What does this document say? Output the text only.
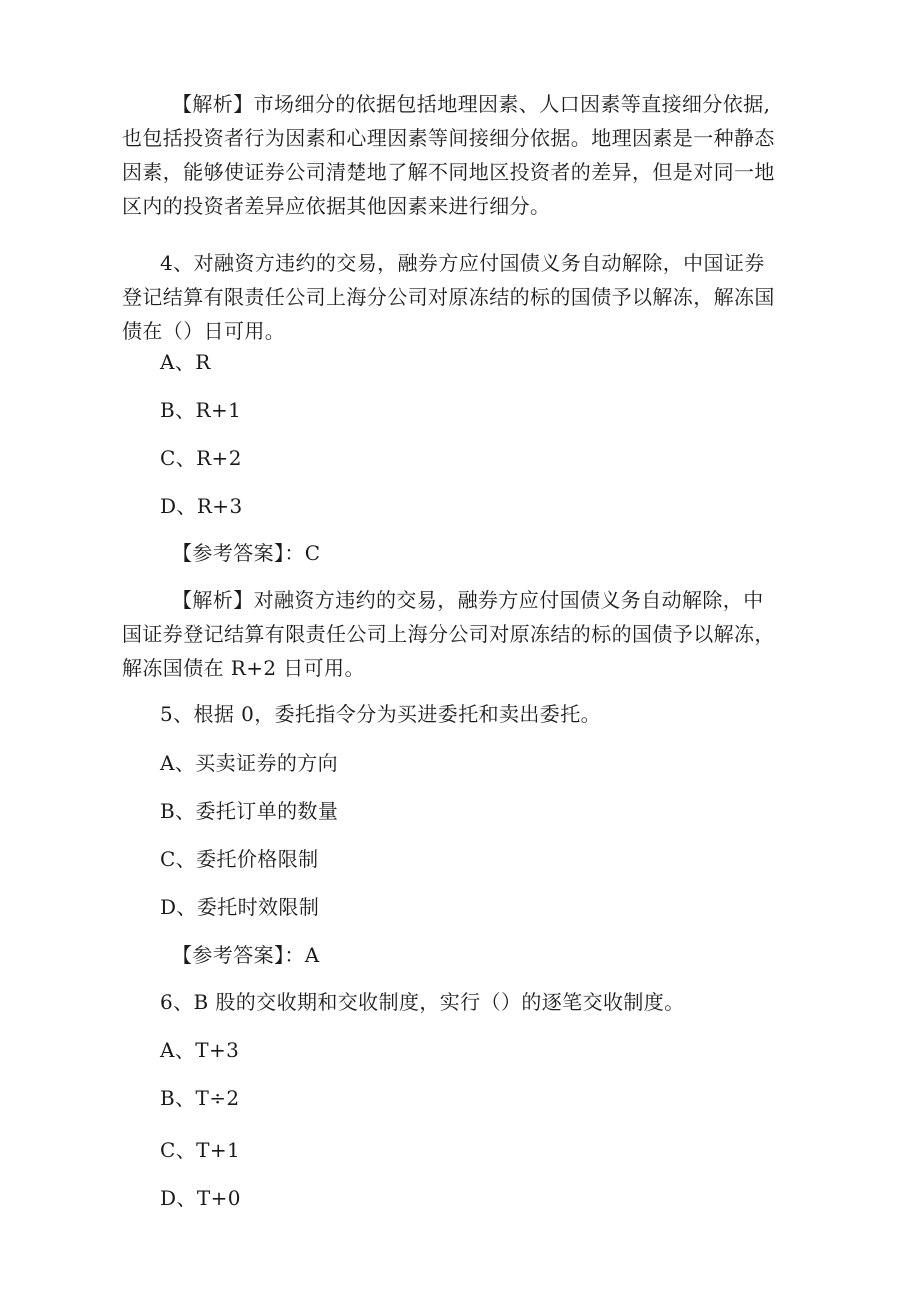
【解析】市场细分的依据包括地理因素、人口因素等直接细分依据,
也包括投资者行为因素和心理因素等间接细分依据。地理因素是一种静态
因素，能够使证券公司清楚地了解不同地区投资者的差异，但是对同一地
区内的投资者差异应依据其他因素来进行细分。
4、对融资方违约的交易，融券方应付国债义务自动解除，中国证券
登记结算有限责任公司上海分公司对原冻结的标的国债予以解冻，解冻国
债在（）日可用。
A、R
B、R+1
C、R+2
D、R+3
【参考答案】：C
【解析】对融资方违约的交易，融券方应付国债义务自动解除，中
国证券登记结算有限责任公司上海分公司对原冻结的标的国债予以解冻，
解冻国债在 R+2 日可用。
5、根据 0，委托指令分为买进委托和卖出委托。
A、买卖证券的方向
B、委托订单的数量
C、委托价格限制
D、委托时效限制
【参考答案】：A
6、B 股的交收期和交收制度，实行（）的逐笔交收制度。
A、T+3
B、T÷2
C、T+1
D、T+0
